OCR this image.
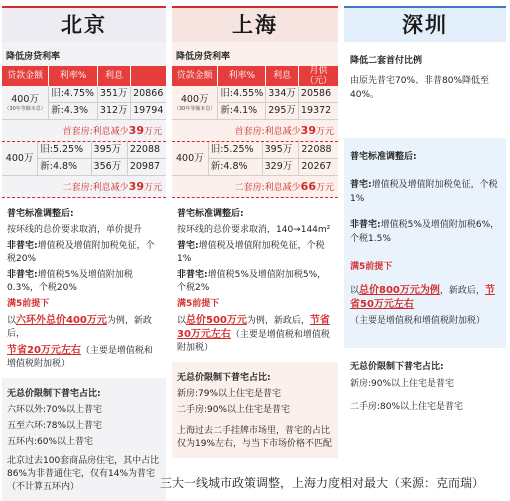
北京
降低房贷利率
贷款金额	利率%	利息	
400万
（30年等额本息）	旧:4.75%	351万	20866
	新:4.3%	312万	19794
首套房:利息减少39万元
400万	旧:5.25%	395万	22088
	新:4.8%	356万	20987
二套房:利息减少39万元
普宅标准调整后:

按环线的总价要求取消，单价提升

非普宅:增值税及增值附加税免征，个税20%

非普宅:增值税5%及增值附加税0.3%，个税20%

满5前提下

以六环外总价400万元为例，新政后，

节省20万元左右（主要是增值税和增值税附加税）

无总价限制下普宅占比:

六环以外:70%以上普宅

五至六环:78%以上普宅

五环内:60%以上普宅

北京过去100套商品房住宅，其中占比86%为非普通住宅，仅有14%为普宅（不计算五环内）

上海
降低房贷利率
贷款金额	利率%	利息	月供（元）
400万
（30年等额本息）	旧:4.55%	334万	20586
	新:4.1%	295万	19372
首套房:利息减少39万元
400万	旧:5.25%	395万	22088
	新:4.8%	329万	20267
二套房:利息减少66万元
普宅标准调整后:

按环线的总价要求取消，140→144m²

普宅:增值税及增值附加税免征，个税1%

非普宅:增值税5%及增值附加税5%，个税2%

满5前提下

以总价500万元为例，新政后，节省30万元左右（主要是增值税和增值税附加税）

无总价限制下普宅占比:

新房:79%以上住宅是普宅

二手房:90%以上住宅是普宅

上海过去二手挂牌市场里，普宅的占比仅为19%左右，与当下市场价格不匹配

深圳
降低二套首付比例

由原先普宅70%、非普80%降低至40%。

普宅标准调整后:

普宅:增值税及增值附加税免征，个税1%

非普宅:增值税5%及增值附加税6%，个税1.5%

满5前提下

以总价800万元为例，新政后，节省50万元左右

（主要是增值税和增值税附加税）

无总价限制下普宅占比:

新房:90%以上住宅是普宅

二手房:80%以上住宅是普宅

三大一线城市政策调整，上海力度相对最大（来源：克而瑞）
